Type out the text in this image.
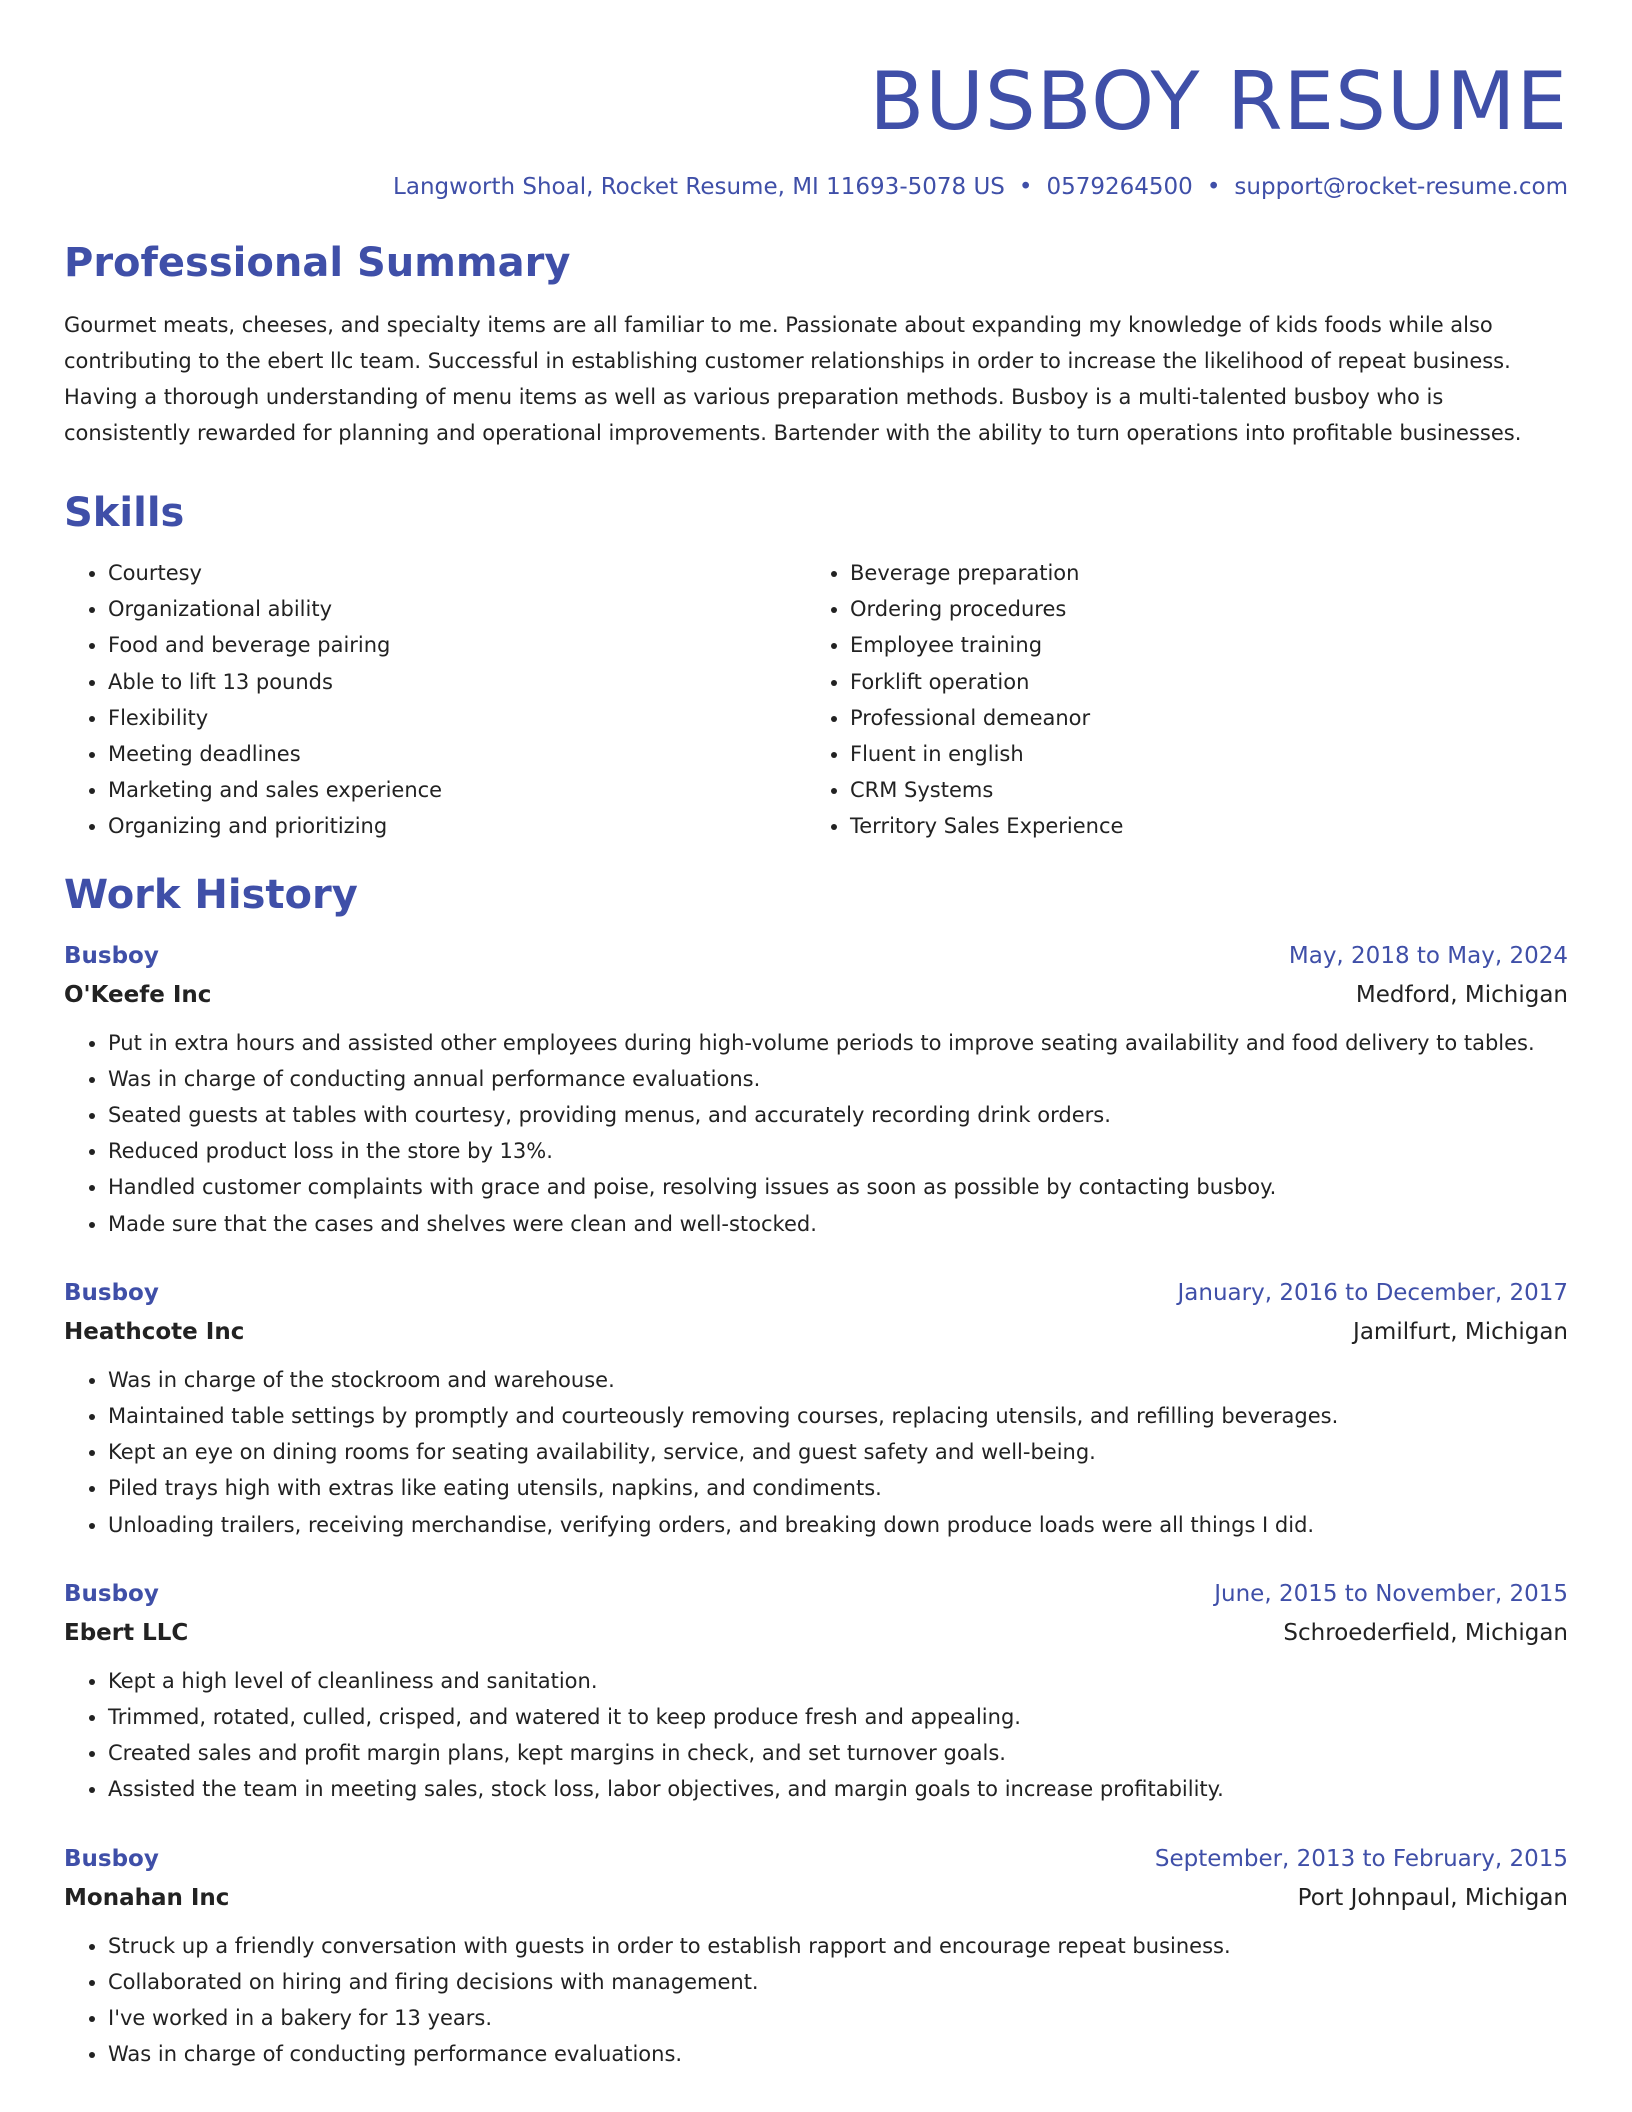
BUSBOY RESUME
Langworth Shoal, Rocket Resume, MI 11693-5078 US • 0579264500 • support@rocket-resume.com
Professional Summary

Gourmet meats, cheeses, and specialty items are all familiar to me. Passionate about expanding my knowledge of kids foods while also contributing to the ebert llc team. Successful in establishing customer relationships in order to increase the likelihood of repeat business. Having a thorough understanding of menu items as well as various preparation methods. Busboy is a multi-talented busboy who is consistently rewarded for planning and operational improvements. Bartender with the ability to turn operations into profitable businesses.

Skills
• Courtesy
• Organizational ability
• Food and beverage pairing
• Able to lift 13 pounds
• Flexibility
• Meeting deadlines
• Marketing and sales experience
• Organizing and prioritizing
• Beverage preparation
• Ordering procedures
• Employee training
• Forklift operation
• Professional demeanor
• Fluent in english
• CRM Systems
• Territory Sales Experience
Work History
Busboy	May, 2018 to May, 2024
O'Keefe Inc	Medford, Michigan
• Put in extra hours and assisted other employees during high-volume periods to improve seating availability and food delivery to tables.
• Was in charge of conducting annual performance evaluations.
• Seated guests at tables with courtesy, providing menus, and accurately recording drink orders.
• Reduced product loss in the store by 13%.
• Handled customer complaints with grace and poise, resolving issues as soon as possible by contacting busboy.
• Made sure that the cases and shelves were clean and well-stocked.
Busboy	January, 2016 to December, 2017
Heathcote Inc	Jamilfurt, Michigan
• Was in charge of the stockroom and warehouse.
• Maintained table settings by promptly and courteously removing courses, replacing utensils, and refilling beverages.
• Kept an eye on dining rooms for seating availability, service, and guest safety and well-being.
• Piled trays high with extras like eating utensils, napkins, and condiments.
• Unloading trailers, receiving merchandise, verifying orders, and breaking down produce loads were all things I did.
Busboy	June, 2015 to November, 2015
Ebert LLC	Schroederfield, Michigan
• Kept a high level of cleanliness and sanitation.
• Trimmed, rotated, culled, crisped, and watered it to keep produce fresh and appealing.
• Created sales and profit margin plans, kept margins in check, and set turnover goals.
• Assisted the team in meeting sales, stock loss, labor objectives, and margin goals to increase profitability.
Busboy	September, 2013 to February, 2015
Monahan Inc	Port Johnpaul, Michigan
• Struck up a friendly conversation with guests in order to establish rapport and encourage repeat business.
• Collaborated on hiring and firing decisions with management.
• I've worked in a bakery for 13 years.
• Was in charge of conducting performance evaluations.
